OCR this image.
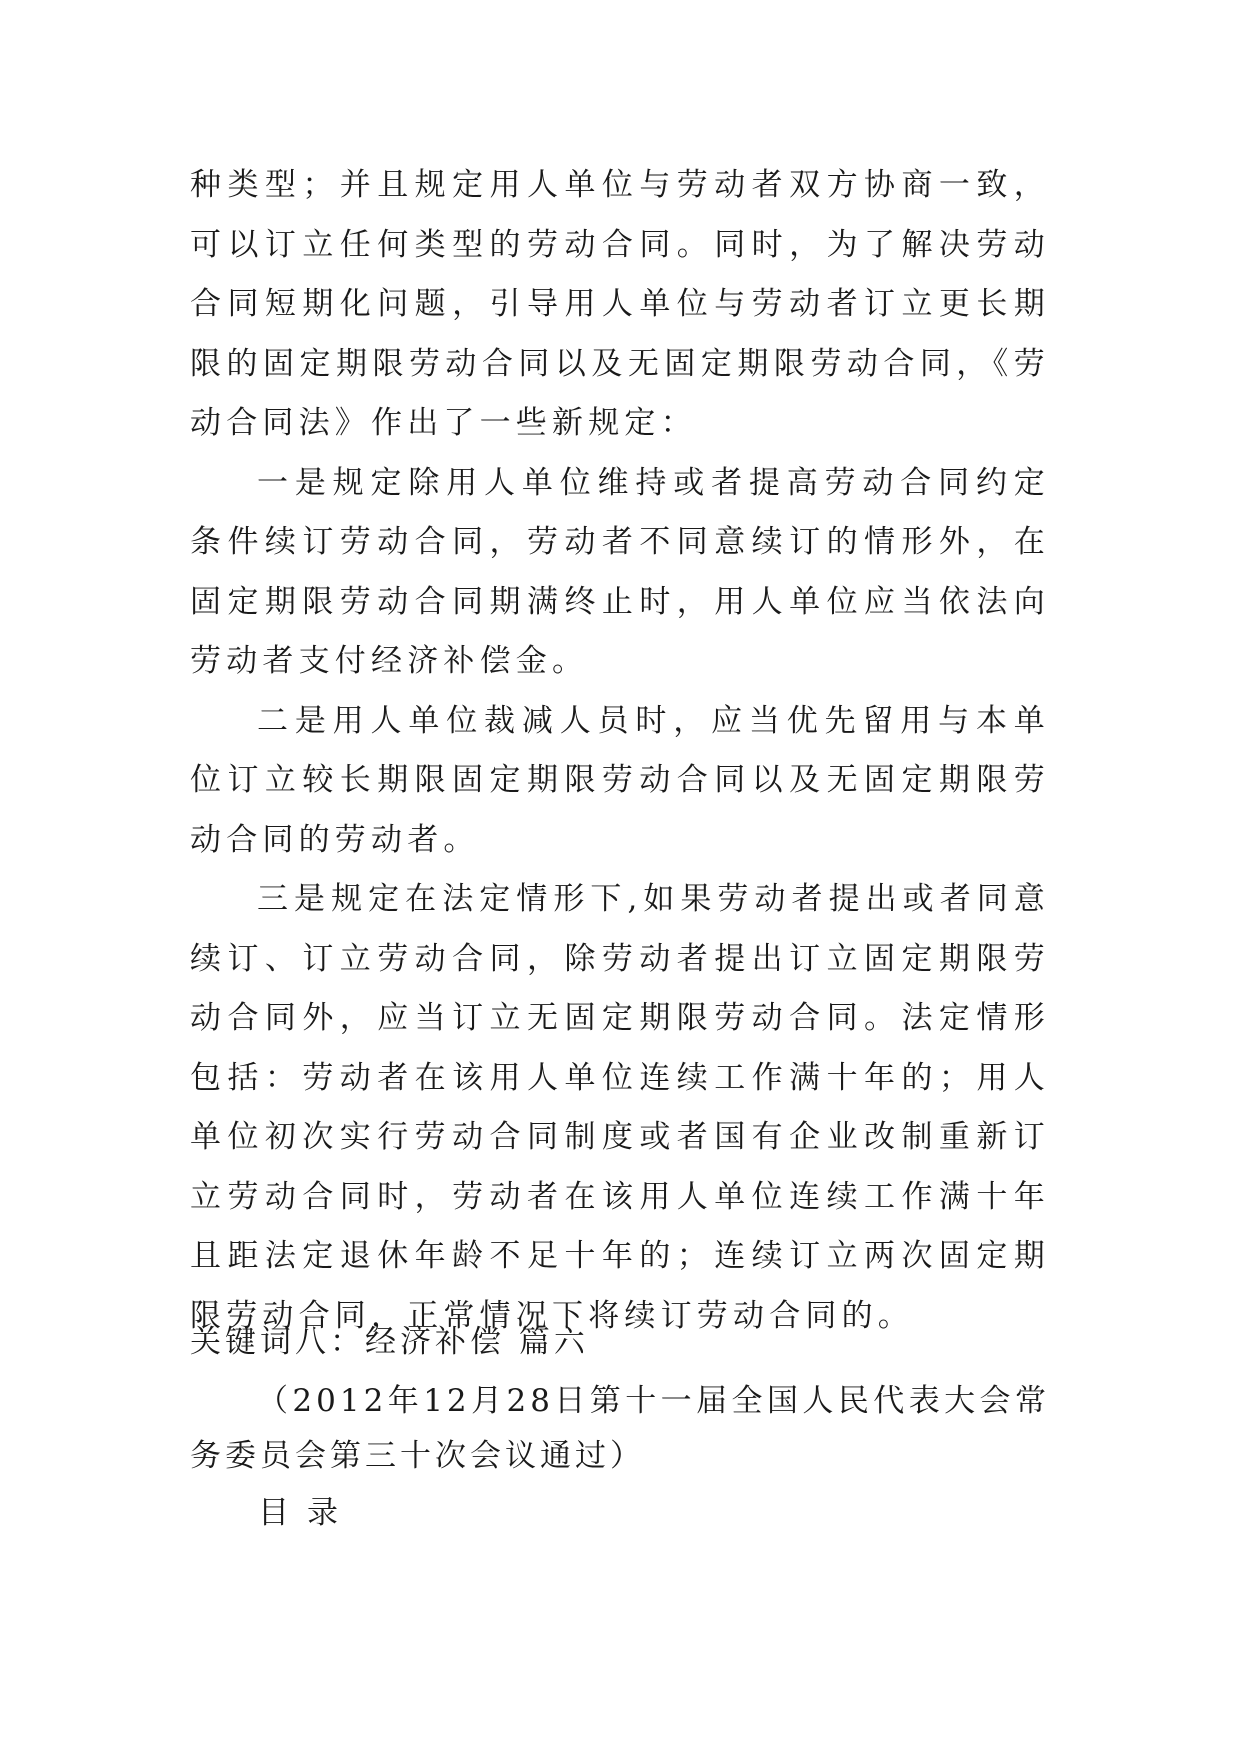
种类型；并且规定用人单位与劳动者双方协商一致，可以订立任何类型的劳动合同。同时，为了解决劳动合同短期化问题，引导用人单位与劳动者订立更长期限的固定期限劳动合同以及无固定期限劳动合同，《劳动合同法》作出了一些新规定：

一是规定除用人单位维持或者提高劳动合同约定条件续订劳动合同，劳动者不同意续订的情形外，在固定期限劳动合同期满终止时，用人单位应当依法向劳动者支付经济补偿金。

二是用人单位裁减人员时，应当优先留用与本单位订立较长期限固定期限劳动合同以及无固定期限劳动合同的劳动者。

三是规定在法定情形下,如果劳动者提出或者同意续订、订立劳动合同，除劳动者提出订立固定期限劳动合同外，应当订立无固定期限劳动合同。法定情形包括：劳动者在该用人单位连续工作满十年的；用人单位初次实行劳动合同制度或者国有企业改制重新订立劳动合同时，劳动者在该用人单位连续工作满十年且距法定退休年龄不足十年的；连续订立两次固定期限劳动合同，正常情况下将续订劳动合同的。

关键词八：经济补偿 篇六

（2012年12月28日第十一届全国人民代表大会常务委员会第三十次会议通过）

目录
